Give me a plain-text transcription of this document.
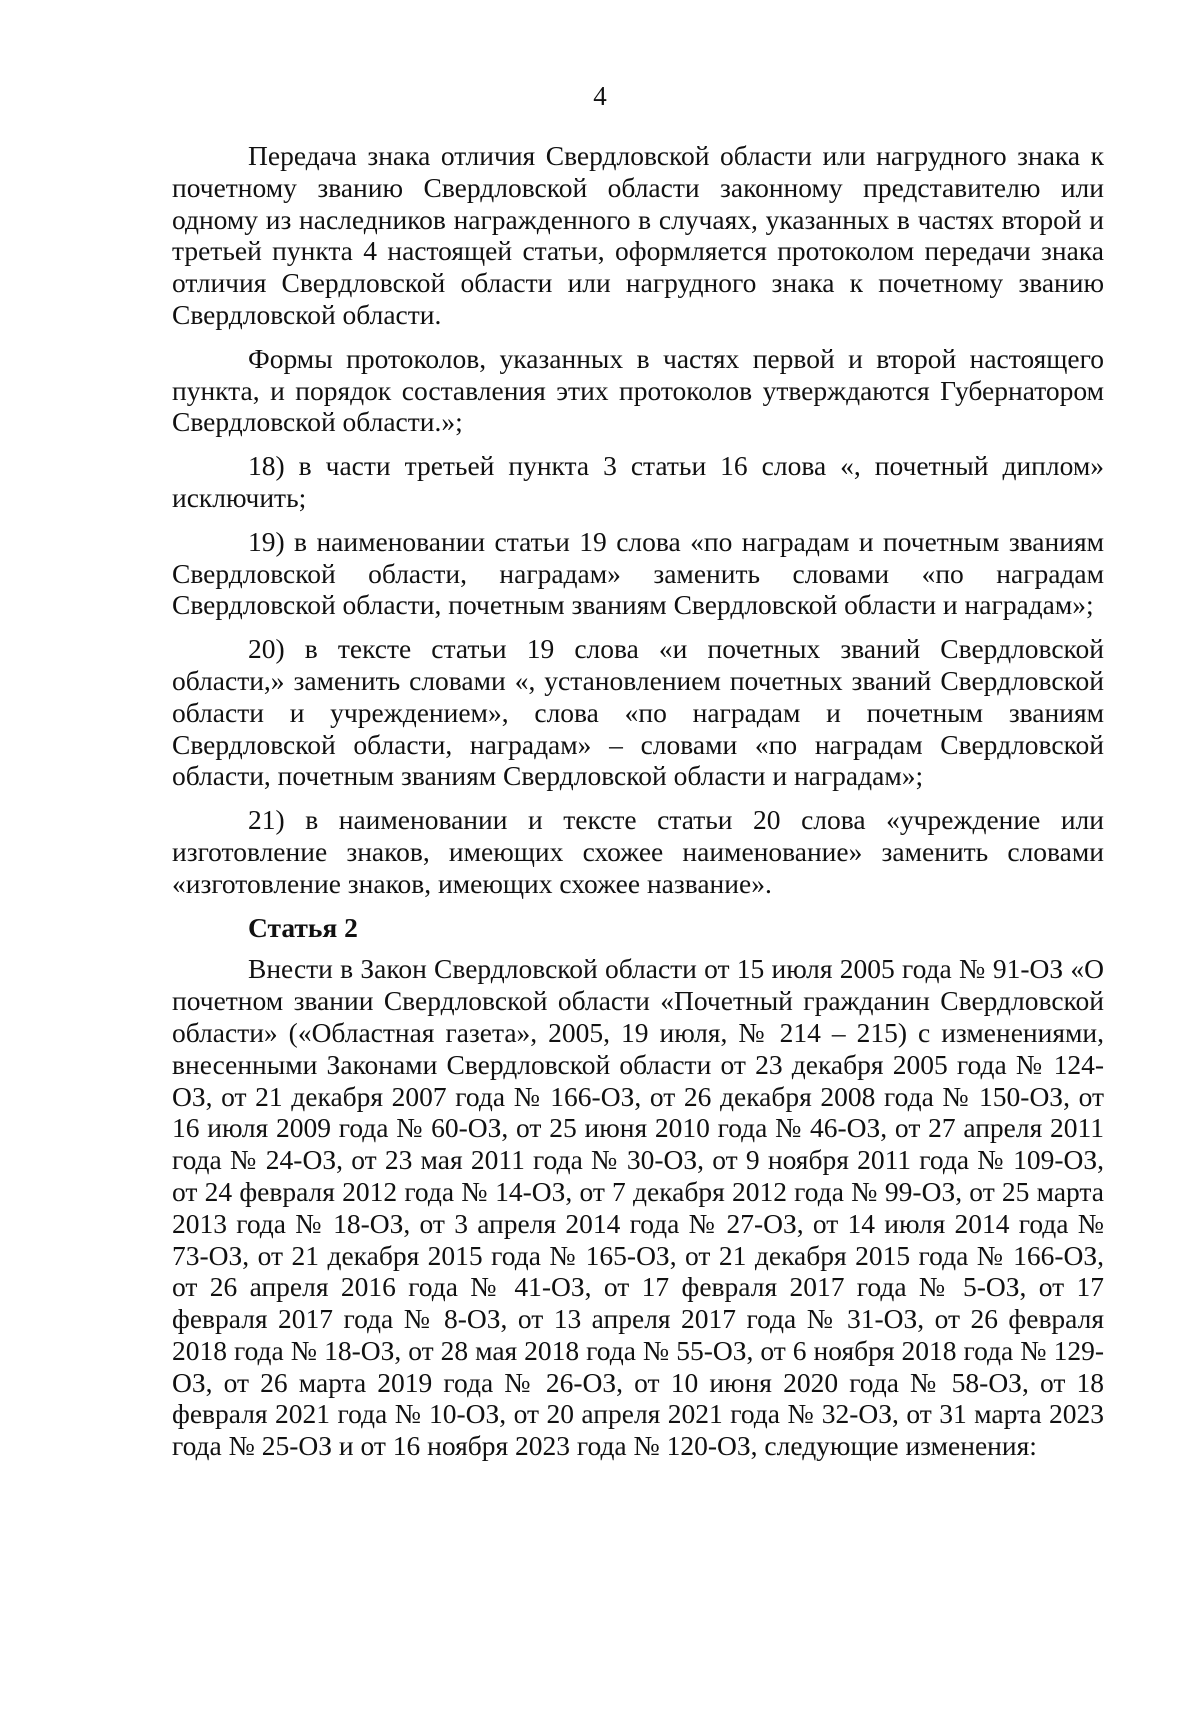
4

Передача знака отличия Свердловской области или нагрудного знака к почетному званию Свердловской области законному представителю или одному из наследников награжденного в случаях, указанных в частях второй и третьей пункта 4 настоящей статьи, оформляется протоколом передачи знака отличия Свердловской области или нагрудного знака к почетному званию Свердловской области.

Формы протоколов, указанных в частях первой и второй настоящего пункта, и порядок составления этих протоколов утверждаются Губернатором Свердловской области.»;

18) в части третьей пункта 3 статьи 16 слова «, почетный диплом» исключить;

19) в наименовании статьи 19 слова «по наградам и почетным званиям Свердловской области, наградам» заменить словами «по наградам Свердловской области, почетным званиям Свердловской области и наградам»;

20) в тексте статьи 19 слова «и почетных званий Свердловской области,» заменить словами «, установлением почетных званий Свердловской области и учреждением», слова «по наградам и почетным званиям Свердловской области, наградам» – словами «по наградам Свердловской области, почетным званиям Свердловской области и наградам»;

21) в наименовании и тексте статьи 20 слова «учреждение или изготовление знаков, имеющих схожее наименование» заменить словами «изготовление знаков, имеющих схожее название».

Статья 2

Внести в Закон Свердловской области от 15 июля 2005 года № 91-ОЗ «О почетном звании Свердловской области «Почетный гражданин Свердловской области» («Областная газета», 2005, 19 июля, № 214 – 215) с изменениями, внесенными Законами Свердловской области от 23 декабря 2005 года № 124-ОЗ, от 21 декабря 2007 года № 166-ОЗ, от 26 декабря 2008 года № 150-ОЗ, от 16 июля 2009 года № 60-ОЗ, от 25 июня 2010 года № 46-ОЗ, от 27 апреля 2011 года № 24-ОЗ, от 23 мая 2011 года № 30-ОЗ, от 9 ноября 2011 года № 109-ОЗ, от 24 февраля 2012 года № 14-ОЗ, от 7 декабря 2012 года № 99-ОЗ, от 25 марта 2013 года № 18-ОЗ, от 3 апреля 2014 года № 27-ОЗ, от 14 июля 2014 года № 73-ОЗ, от 21 декабря 2015 года № 165-ОЗ, от 21 декабря 2015 года № 166-ОЗ, от 26 апреля 2016 года № 41-ОЗ, от 17 февраля 2017 года № 5-ОЗ, от 17 февраля 2017 года № 8-ОЗ, от 13 апреля 2017 года № 31-ОЗ, от 26 февраля 2018 года № 18-ОЗ, от 28 мая 2018 года № 55-ОЗ, от 6 ноября 2018 года № 129-ОЗ, от 26 марта 2019 года № 26-ОЗ, от 10 июня 2020 года № 58-ОЗ, от 18 февраля 2021 года № 10-ОЗ, от 20 апреля 2021 года № 32-ОЗ, от 31 марта 2023 года № 25-ОЗ и от 16 ноября 2023 года № 120-ОЗ, следующие изменения:
